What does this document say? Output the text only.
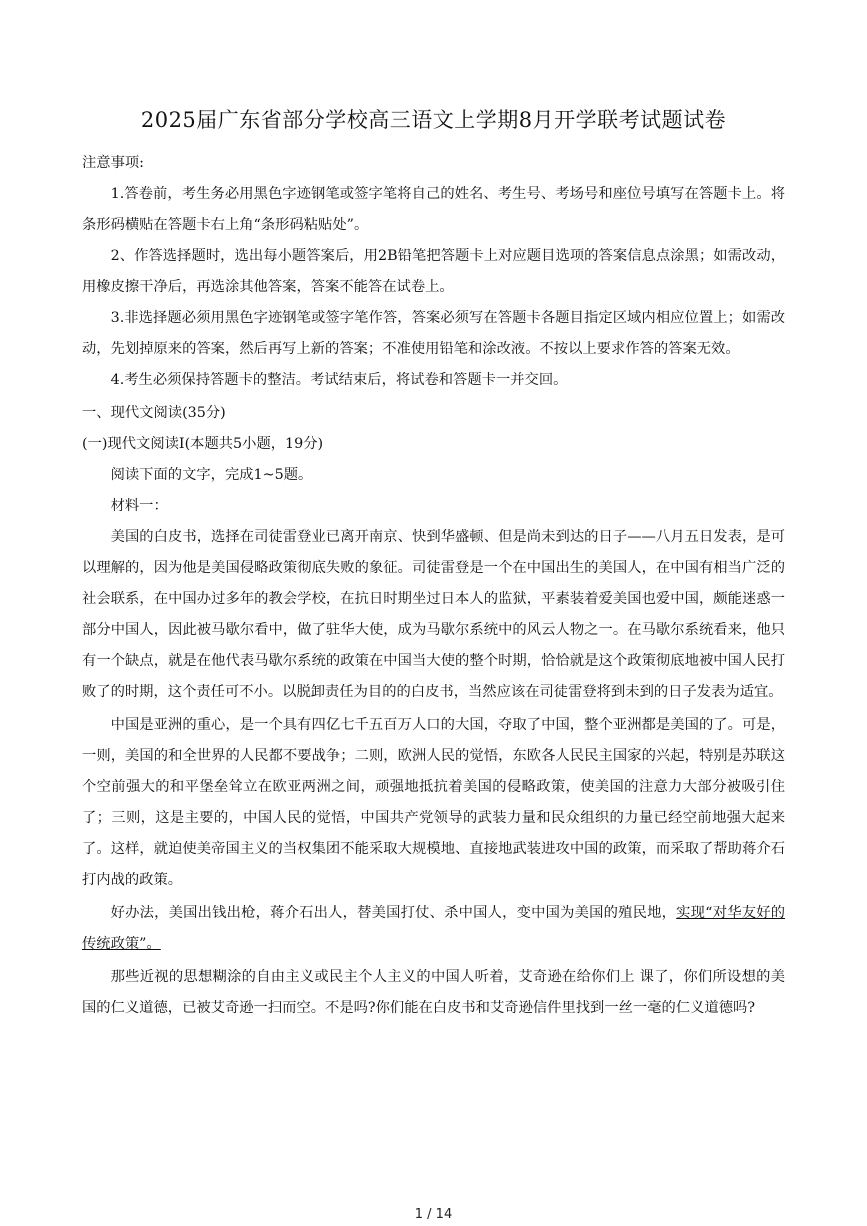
2025届广东省部分学校高三语文上学期8月开学联考试题试卷

注意事项:

1.答卷前，考生务必用黑色字迹钢笔或签字笔将自己的姓名、考生号、考场号和座位号填写在答题卡上。将条形码横贴在答题卡右上角“条形码粘贴处”。

2、作答选择题时，选出每小题答案后，用2B铅笔把答题卡上对应题目选项的答案信息点涂黑；如需改动，用橡皮擦干净后，再选涂其他答案，答案不能答在试卷上。

3.非选择题必须用黑色字迹钢笔或签字笔作答，答案必须写在答题卡各题目指定区域内相应位置上；如需改动，先划掉原来的答案，然后再写上新的答案；不准使用铅笔和涂改液。不按以上要求作答的答案无效。

4.考生必须保持答题卡的整洁。考试结束后，将试卷和答题卡一并交回。

一、现代文阅读(35分)

(一)现代文阅读Ⅰ(本题共5小题，19分)

阅读下面的文字，完成1~5题。

材料一：

美国的白皮书，选择在司徒雷登业已离开南京、快到华盛顿、但是尚未到达的日子——八月五日发表，是可以理解的，因为他是美国侵略政策彻底失败的象征。司徒雷登是一个在中国出生的美国人，在中国有相当广泛的社会联系，在中国办过多年的教会学校，在抗日时期坐过日本人的监狱，平素装着爱美国也爱中国，颇能迷惑一部分中国人，因此被马歇尔看中，做了驻华大使，成为马歇尔系统中的风云人物之一。在马歇尔系统看来，他只有一个缺点，就是在他代表马歇尔系统的政策在中国当大使的整个时期，恰恰就是这个政策彻底地被中国人民打败了的时期，这个责任可不小。以脱卸责任为目的的白皮书，当然应该在司徒雷登将到未到的日子发表为适宜。

中国是亚洲的重心，是一个具有四亿七千五百万人口的大国，夺取了中国，整个亚洲都是美国的了。可是，一则，美国的和全世界的人民都不要战争；二则，欧洲人民的觉悟，东欧各人民民主国家的兴起，特别是苏联这个空前强大的和平堡垒耸立在欧亚两洲之间，顽强地抵抗着美国的侵略政策，使美国的注意力大部分被吸引住了；三则，这是主要的，中国人民的觉悟，中国共产党领导的武装力量和民众组织的力量已经空前地强大起来了。这样，就迫使美帝国主义的当权集团不能采取大规模地、直接地武装进攻中国的政策，而采取了帮助蒋介石打内战的政策。

好办法，美国出钱出枪，蒋介石出人，替美国打仗、杀中国人，变中国为美国的殖民地，实现“对华友好的传统政策”。

那些近视的思想糊涂的自由主义或民主个人主义的中国人听着，艾奇逊在给你们上 课了，你们所设想的美国的仁义道德，已被艾奇逊一扫而空。不是吗?你们能在白皮书和艾奇逊信件里找到一丝一毫的仁义道德吗?

1 / 14
